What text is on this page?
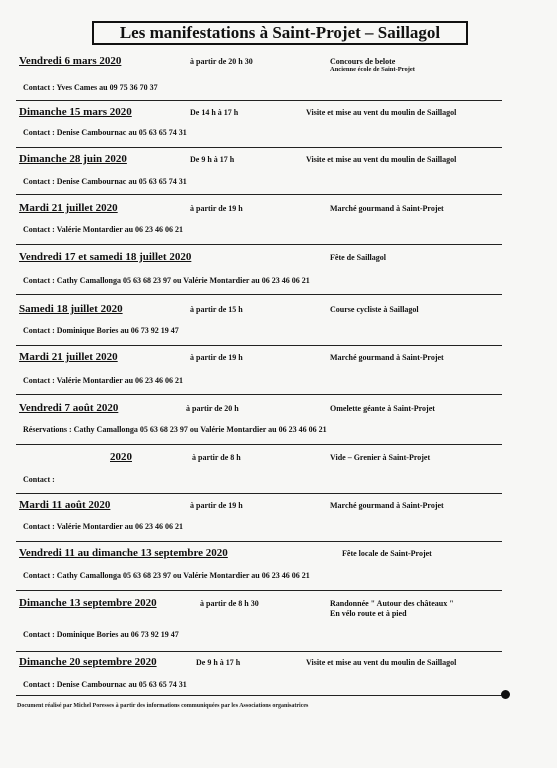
Les manifestations à Saint-Projet – Saillagol
Vendredi 6 mars 2020	à partir de 20 h 30	Concours de belote
Ancienne école de Saint-Projet
Contact : Yves Cames au 09 75 36 70 37
Dimanche 15 mars 2020	De 14 h à 17 h	Visite et mise au vent du moulin de Saillagol
Contact : Denise Cambournac au 05 63 65 74 31
Dimanche 28 juin 2020	De 9 h à 17 h	Visite et mise au vent du moulin de Saillagol
Contact : Denise Cambournac au 05 63 65 74 31
Mardi 21 juillet 2020	à partir de 19 h	Marché gourmand à Saint-Projet
Contact : Valérie Montardier au 06 23 46 06 21
Vendredi 17 et samedi 18 juillet 2020	Fête de Saillagol
Contact : Cathy Camallonga 05 63 68 23 97 ou Valérie Montardier au 06 23 46 06 21
Samedi 18 juillet 2020	à partir de 15 h	Course cycliste à Saillagol
Contact : Dominique Bories au 06 73 92 19 47
Mardi 21 juillet 2020	à partir de 19 h	Marché gourmand à Saint-Projet
Contact : Valérie Montardier au 06 23 46 06 21
Vendredi 7 août 2020	à partir de 20 h	Omelette géante à Saint-Projet
Réservations : Cathy Camallonga 05 63 68 23 97 ou Valérie Montardier au 06 23 46 06 21
2020	à partir de 8 h	Vide – Grenier à Saint-Projet
Contact :
Mardi 11 août 2020	à partir de 19 h	Marché gourmand à Saint-Projet
Contact : Valérie Montardier au 06 23 46 06 21
Vendredi 11 au dimanche 13 septembre 2020	Fête locale de Saint-Projet
Contact : Cathy Camallonga 05 63 68 23 97 ou Valérie Montardier au 06 23 46 06 21
Dimanche 13 septembre 2020	à partir de 8 h 30	Randonnée " Autour des châteaux "
En vélo route et à pied
Contact : Dominique Bories au 06 73 92 19 47
Dimanche 20 septembre 2020	De 9 h à 17 h	Visite et mise au vent du moulin de Saillagol
Contact : Denise Cambournac au 05 63 65 74 31
Document réalisé par Michel Poresses à partir des informations communiquées par les Associations organisatrices
